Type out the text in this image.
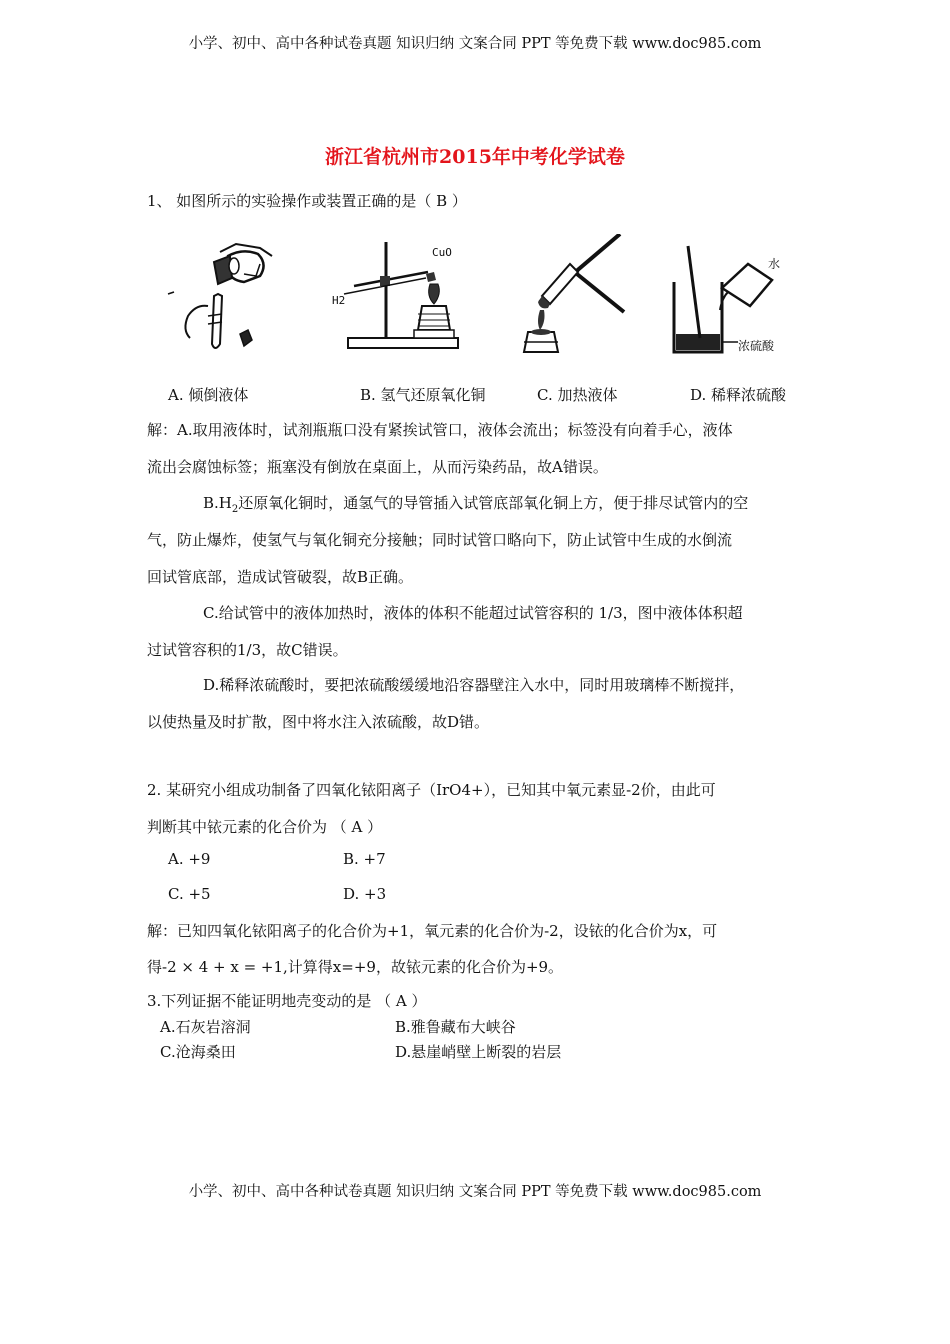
小学、初中、高中各种试卷真题 知识归纳 文案合同 PPT 等免费下载 www.doc985.com
浙江省杭州市2015年中考化学试卷
1、 如图所示的实验操作或装置正确的是（ B ）
CuO
H2
水
浓硫酸
A. 倾倒液体	B. 氢气还原氧化铜	C. 加热液体	D. 稀释浓硫酸
解：A.取用液体时，试剂瓶瓶口没有紧挨试管口，液体会流出；标签没有向着手心，液体
流出会腐蚀标签；瓶塞没有倒放在桌面上，从而污染药品，故A错误。
$B.H_2$还原氧化铜时，通氢气的导管插入试管底部氧化铜上方，便于排尽试管内的空
气，防止爆炸，使氢气与氧化铜充分接触；同时试管口略向下，防止试管中生成的水倒流
回试管底部，造成试管破裂，故B正确。
C.给试管中的液体加热时，液体的体积不能超过试管容积的 1/3，图中液体体积超
过试管容积的1/3，故C错误。
D.稀释浓硫酸时，要把浓硫酸缓缓地沿容器壁注入水中，同时用玻璃棒不断搅拌，
以使热量及时扩散，图中将水注入浓硫酸，故D错。
2. 某研究小组成功制备了四氧化铱阳离子（IrO4+），已知其中氧元素显-2价，由此可
判断其中铱元素的化合价为 （ A ）
A. +9	B. +7
C. +5	D. +3
解：已知四氧化铱阳离子的化合价为+1，氧元素的化合价为-2，设铱的化合价为x，可
得-2 × 4 + x = +1,计算得x=+9，故铱元素的化合价为+9。
3.下列证据不能证明地壳变动的是 （ A ）
A.石灰岩溶洞	B.雅鲁藏布大峡谷
C.沧海桑田	D.悬崖峭壁上断裂的岩层
小学、初中、高中各种试卷真题 知识归纳 文案合同 PPT 等免费下载 www.doc985.com
